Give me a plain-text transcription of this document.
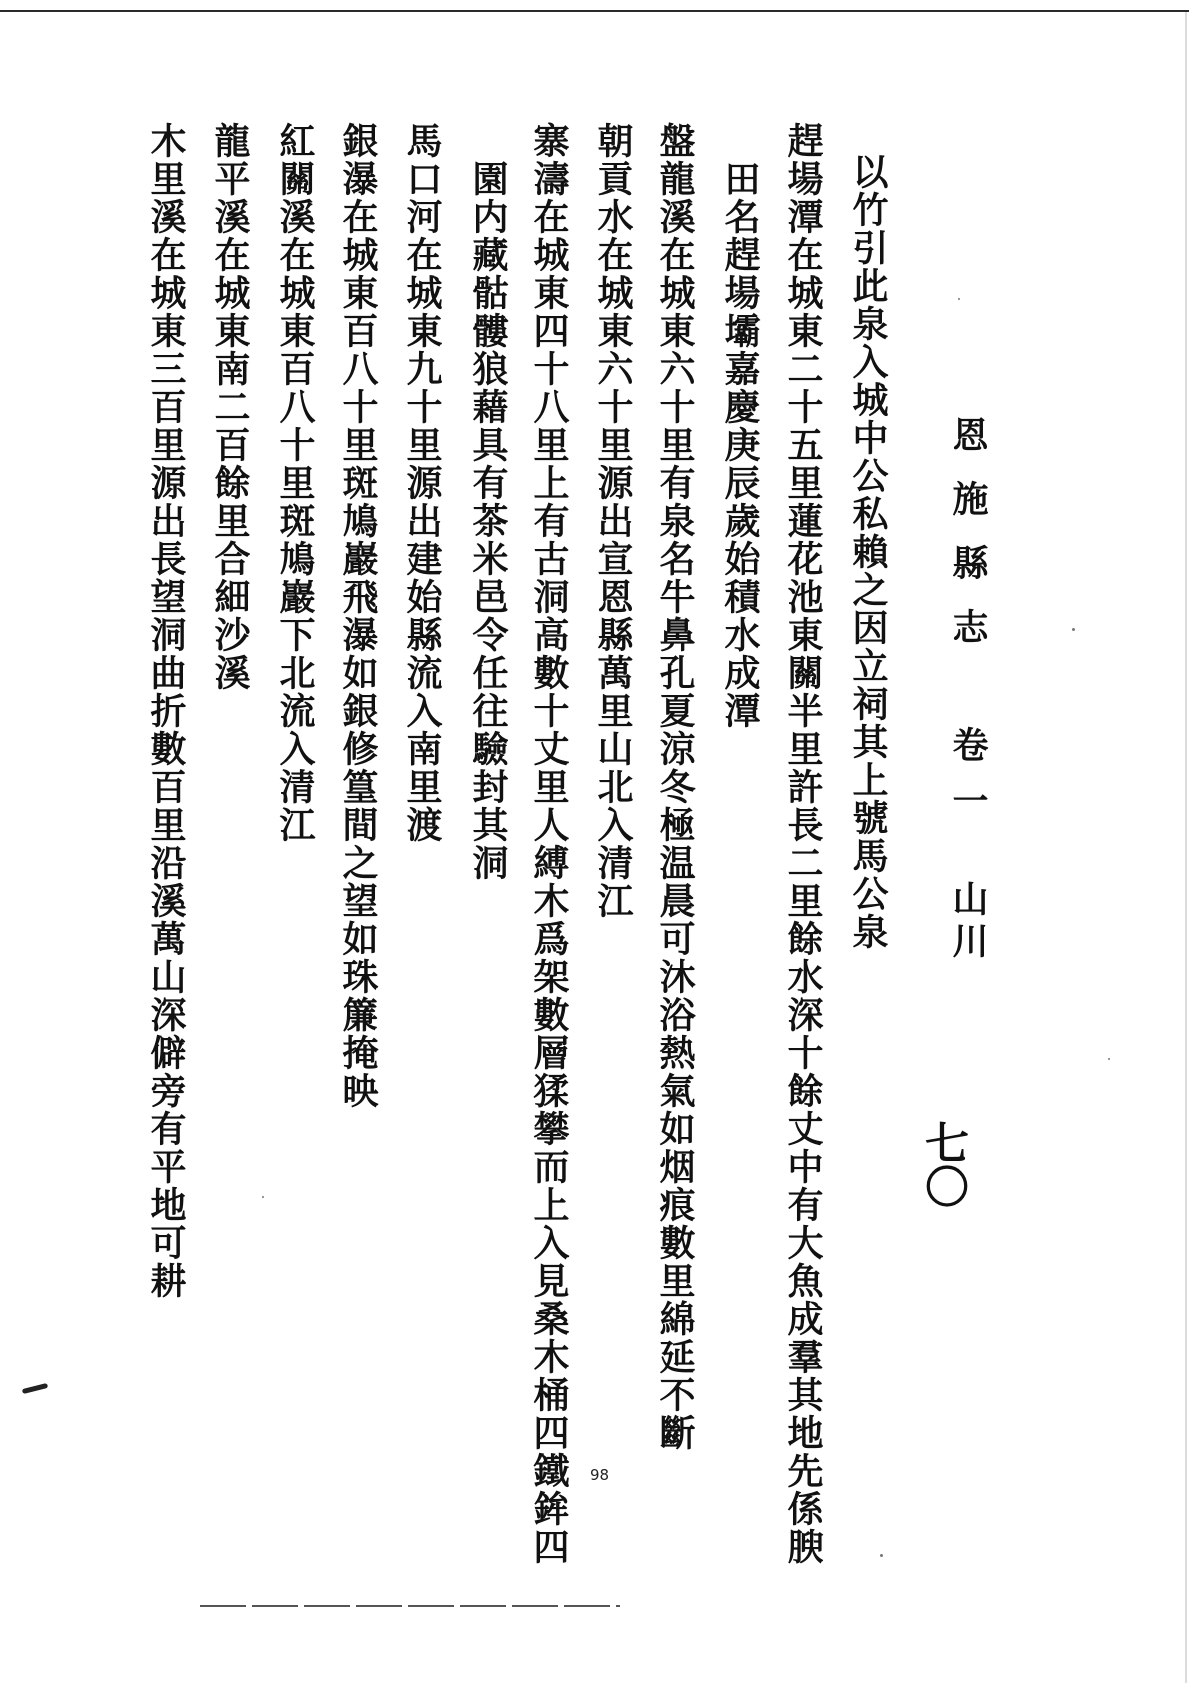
恩施縣志卷一山川

七〇
以竹引此泉入城中公私賴之因立祠其上號馬公泉
趕場潭在城東二十五里蓮花池東關半里許長二里餘水深十餘丈中有大魚成羣其地先係腴
田名趕場壩嘉慶庚辰歲始積水成潭
盤龍溪在城東六十里有泉名牛鼻孔夏涼冬極温晨可沐浴熱氣如烟痕數里綿延不斷
朝貢水在城東六十里源出宣恩縣萬里山北入清江
寨濤在城東四十八里上有古洞高數十丈里人縛木爲架數層猱攀而上入見桑木桶四鐵鉾四
園内藏骷髏狼藉具有茶米邑令任往驗封其洞
馬口河在城東九十里源出建始縣流入南里渡
銀瀑在城東百八十里斑鳩巖飛瀑如銀修篁間之望如珠簾掩映
紅關溪在城東百八十里斑鳩巖下北流入清江
龍平溪在城東南二百餘里合細沙溪
木里溪在城東三百里源出長望洞曲折數百里沿溪萬山深僻旁有平地可耕
98
